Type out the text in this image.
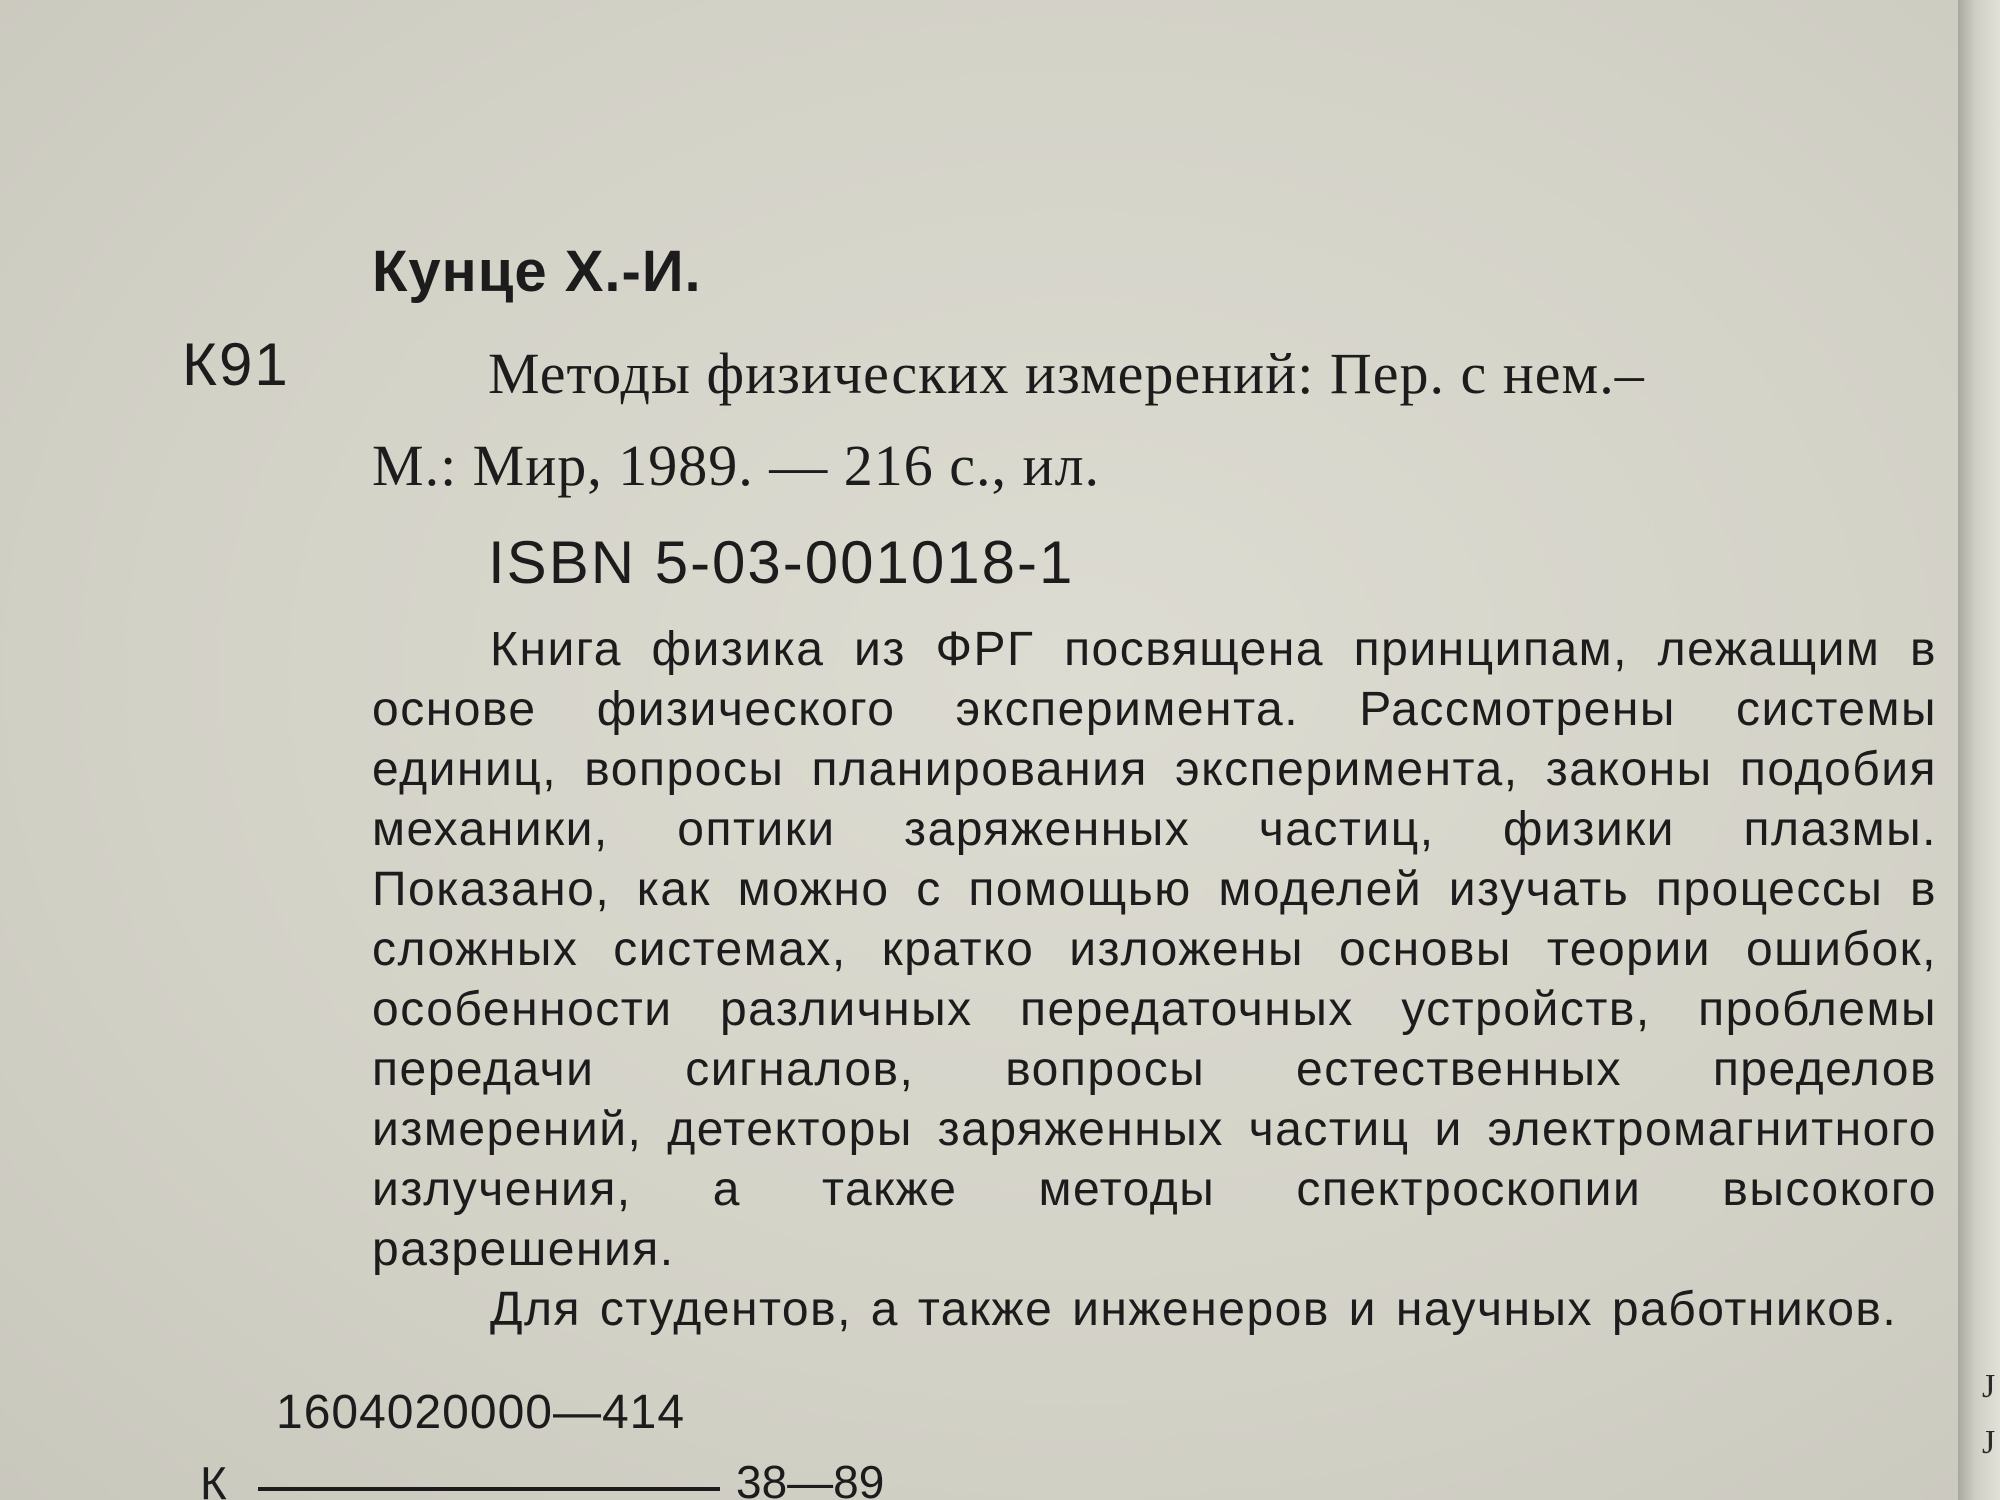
J
J
Кунце Х.-И.
К91	Методы физических измерений: Пер. с нем.–
М.: Мир, 1989. — 216 с., ил.
ISBN 5-03-001018-1

Книга физика из ФРГ посвящена принципам, лежащим в основе физического эксперимента. Рассмотрены системы единиц, вопросы планирования эксперимента, законы подобия механики, оптики заряженных частиц, физики плазмы. Показано, как можно с помощью моделей изучать процессы в сложных системах, кратко изложены основы теории ошибок, особенности различных передаточных устройств, проблемы передачи сигналов, вопросы естественных пределов измерений, детекторы заряженных частиц и электромагнитного излучения, а также методы спектроскопии высокого разрешения.

Для студентов, а также инженеров и научных работников.

К
1604020000—414
38—89
